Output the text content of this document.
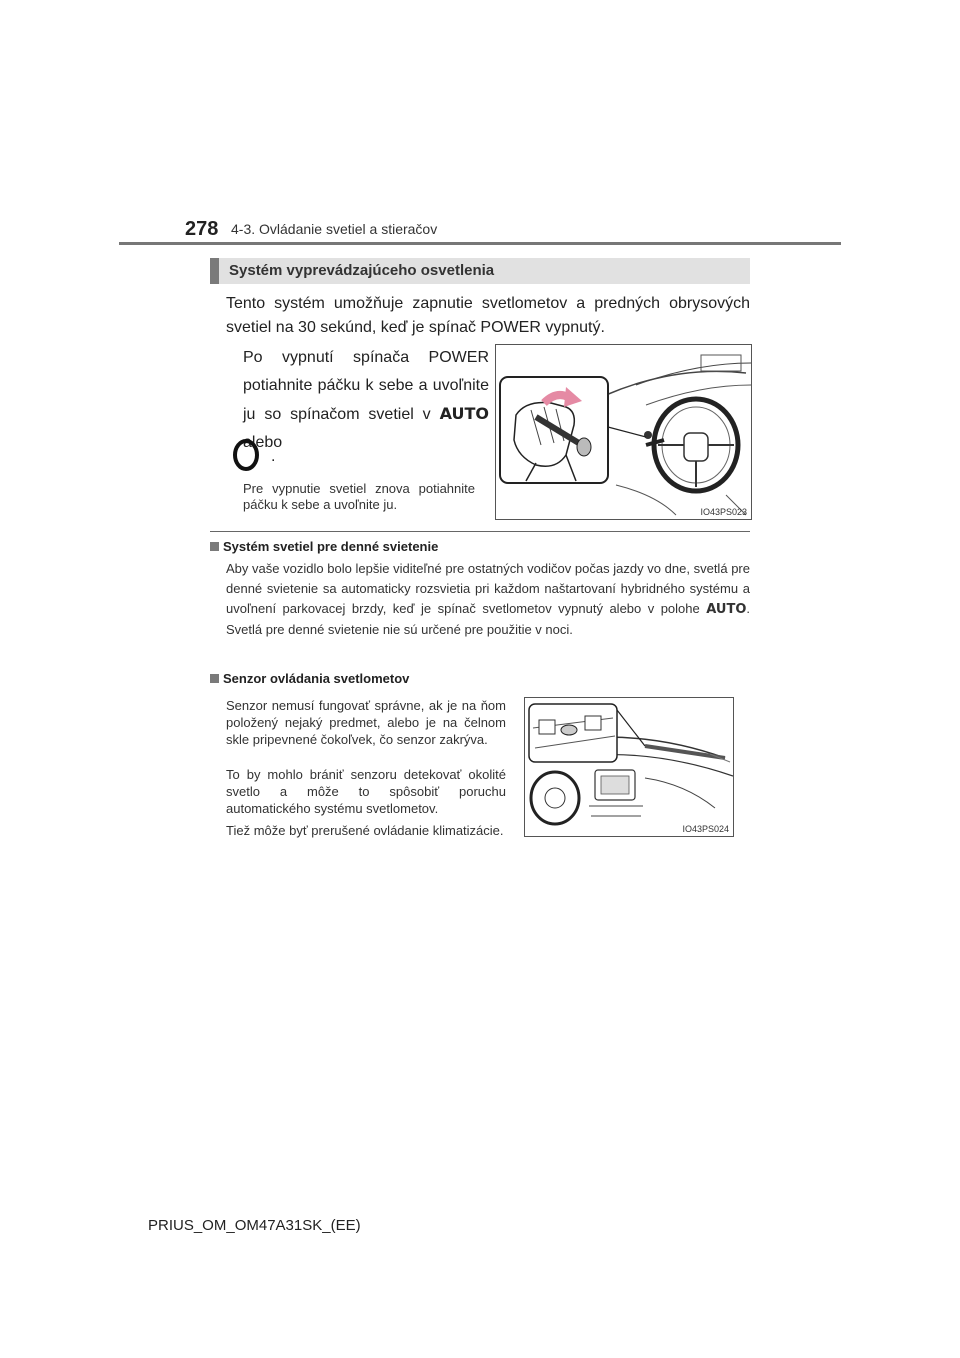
278 4-3. Ovládanie svetiel a stieračov
Systém vyprevádzajúceho osvetlenia
Tento systém umožňuje zapnutie svetlometov a predných obrysových svetiel na 30 sekúnd, keď je spínač POWER vypnutý.
Po vypnutí spínača POWER potiahnite páčku k sebe a uvoľnite ju so spínačom svetiel v AUTO alebo
.
Pre vypnutie svetiel znova potiahnite páčku k sebe a uvoľnite ju.	IO43PS023
Systém svetiel pre denné svietenie
Aby vaše vozidlo bolo lepšie viditeľné pre ostatných vodičov počas jazdy vo dne, svetlá pre denné svietenie sa automaticky rozsvietia pri každom naštartovaní hybridného systému a uvoľnení parkovacej brzdy, keď je spínač svetlometov vypnutý alebo v polohe AUTO. Svetlá pre denné svietenie nie sú určené pre použitie v noci.
Senzor ovládania svetlometov
Senzor nemusí fungovať správne, ak je na ňom položený nejaký predmet, alebo je na čelnom skle pripevnené čokoľvek, čo senzor zakrýva.
To by mohlo brániť senzoru detekovať okolité svetlo a môže to spôsobiť poruchu automatického systému svetlometov.
Tiež môže byť prerušené ovládanie klimatizácie.	IO43PS024
PRIUS_OM_OM47A31SK_(EE)
